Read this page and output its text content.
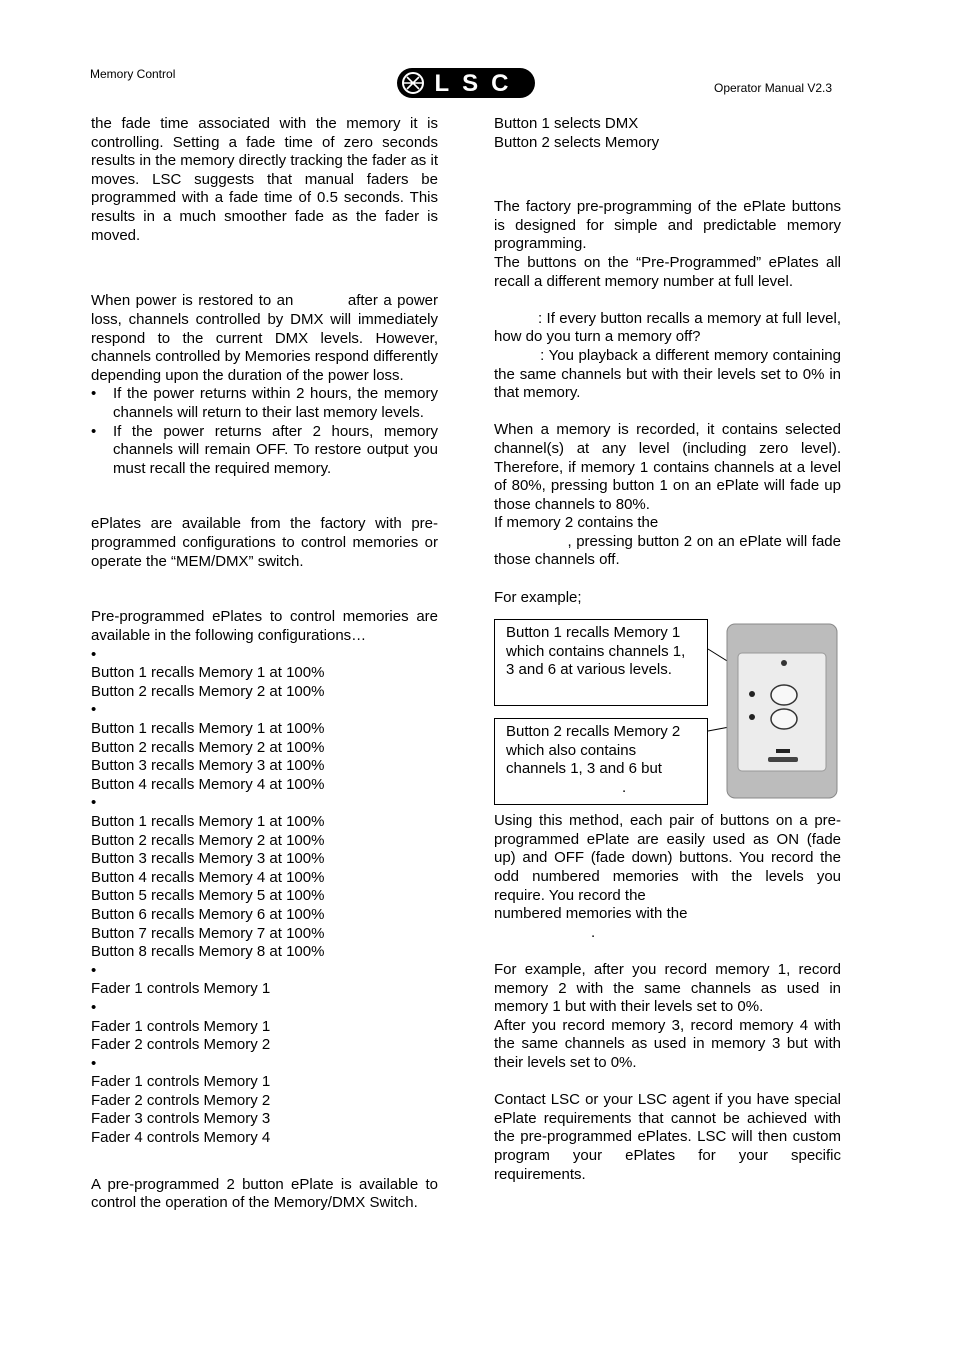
Memory Control	LSC	Operator Manual V2.3

the fade time associated with the memory it is controlling. Setting a fade time of zero seconds results in the memory directly tracking the fader as it moves. LSC suggests that manual faders be programmed with a fade time of 0.5 seconds. This results in a much smoother fade as the fader is moved.

When power is restored to an          after a power loss, channels controlled by DMX will immediately respond to the current DMX levels. However, channels controlled by Memories respond differently depending upon the duration of the power loss.

• If the power returns within 2 hours, the memory channels will return to their last memory levels.
• If the power returns after 2 hours, memory channels will remain OFF. To restore output you must recall the required memory.

ePlates are available from the factory with pre-programmed configurations to control memories or operate the “MEM/DMX” switch.

Pre-programmed ePlates to control memories are available in the following configurations…

•
Button 1 recalls Memory 1 at 100%
Button 2 recalls Memory 2 at 100%
•
Button 1 recalls Memory 1 at 100%
Button 2 recalls Memory 2 at 100%
Button 3 recalls Memory 3 at 100%
Button 4 recalls Memory 4 at 100%
•
Button 1 recalls Memory 1 at 100%
Button 2 recalls Memory 2 at 100%
Button 3 recalls Memory 3 at 100%
Button 4 recalls Memory 4 at 100%
Button 5 recalls Memory 5 at 100%
Button 6 recalls Memory 6 at 100%
Button 7 recalls Memory 7 at 100%
Button 8 recalls Memory 8 at 100%
•
Fader 1 controls Memory 1
•
Fader 1 controls Memory 1
Fader 2 controls Memory 2
•
Fader 1 controls Memory 1
Fader 2 controls Memory 2
Fader 3 controls Memory 3
Fader 4 controls Memory 4

A pre-programmed 2 button ePlate is available to control the operation of the Memory/DMX Switch.

Button 1 selects DMX
Button 2 selects Memory

The factory pre-programming of the ePlate buttons is designed for simple and predictable memory programming.

The buttons on the “Pre-Programmed” ePlates all recall a different memory number at full level.

: If every button recalls a memory at full level, how do you turn a memory off?

: You playback a different memory containing the same channels but with their levels set to 0% in that memory.

When a memory is recorded, it contains selected channel(s) at any level (including zero level). Therefore, if memory 1 contains channels at a level of 80%, pressing button 1 on an ePlate will fade up those channels to 80%.

If memory 2 contains the

, pressing button 2 on an ePlate will fade those channels off.

For example;

Button 1 recalls Memory 1 which contains channels 1, 3 and 6 at various levels.
Button 2 recalls Memory 2 which also contains channels 1, 3 and 6 but
.

Using this method, each pair of buttons on a pre-programmed ePlate are easily used as ON (fade up) and OFF (fade down) buttons. You record the odd numbered memories with the levels you require. You record the

numbered memories with the

.

For example, after you record memory 1, record memory 2 with the same channels as used in memory 1 but with their levels set to 0%.

After you record memory 3, record memory 4 with the same channels as used in memory 3 but with their levels set to 0%.

Contact LSC or your LSC agent if you have special ePlate requirements that cannot be achieved with the pre-programmed ePlates. LSC will then custom program your ePlates for your specific requirements.
